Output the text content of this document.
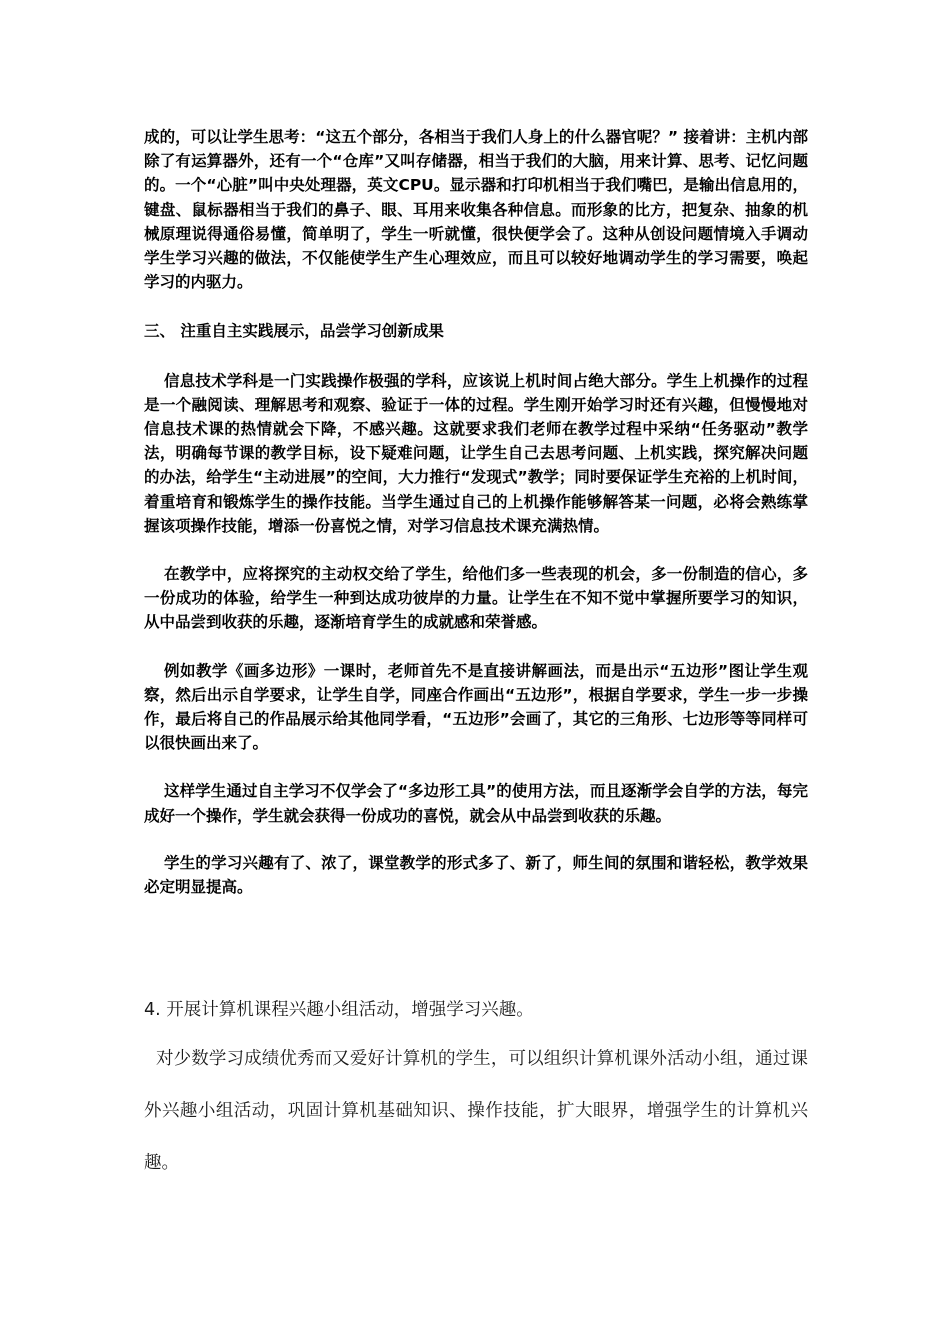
成的，可以让学生思考：“这五个部分，各相当于我们人身上的什么器官呢？” 接着讲：主机内部除了有运算器外，还有一个“仓库”又叫存储器，相当于我们的大脑，用来计算、思考、记忆问题的。一个“心脏”叫中央处理器，英文CPU。显示器和打印机相当于我们嘴巴，是输出信息用的，键盘、鼠标器相当于我们的鼻子、眼、耳用来收集各种信息。而形象的比方，把复杂、抽象的机械原理说得通俗易懂，简单明了，学生一听就懂，很快便学会了。这种从创设问题情境入手调动学生学习兴趣的做法，不仅能使学生产生心理效应，而且可以较好地调动学生的学习需要，唤起学习的内驱力。

三、 注重自主实践展示，品尝学习创新成果

信息技术学科是一门实践操作极强的学科，应该说上机时间占绝大部分。学生上机操作的过程是一个融阅读、理解思考和观察、验证于一体的过程。学生刚开始学习时还有兴趣，但慢慢地对信息技术课的热情就会下降，不感兴趣。这就要求我们老师在教学过程中采纳“任务驱动”教学法，明确每节课的教学目标，设下疑难问题，让学生自己去思考问题、上机实践，探究解决问题的办法，给学生“主动进展”的空间，大力推行“发现式”教学；同时要保证学生充裕的上机时间，着重培育和锻炼学生的操作技能。当学生通过自己的上机操作能够解答某一问题，必将会熟练掌握该项操作技能，增添一份喜悦之情，对学习信息技术课充满热情。

在教学中，应将探究的主动权交给了学生，给他们多一些表现的机会，多一份制造的信心，多一份成功的体验，给学生一种到达成功彼岸的力量。让学生在不知不觉中掌握所要学习的知识，从中品尝到收获的乐趣，逐渐培育学生的成就感和荣誉感。

例如教学《画多边形》一课时，老师首先不是直接讲解画法，而是出示“五边形”图让学生观察，然后出示自学要求，让学生自学，同座合作画出“五边形”，根据自学要求，学生一步一步操作，最后将自己的作品展示给其他同学看，“五边形”会画了，其它的三角形、七边形等等同样可以很快画出来了。

这样学生通过自主学习不仅学会了“多边形工具”的使用方法，而且逐渐学会自学的方法，每完成好一个操作，学生就会获得一份成功的喜悦，就会从中品尝到收获的乐趣。

学生的学习兴趣有了、浓了，课堂教学的形式多了、新了，师生间的氛围和谐轻松，教学效果必定明显提高。

4. 开展计算机课程兴趣小组活动，增强学习兴趣。

对少数学习成绩优秀而又爱好计算机的学生，可以组织计算机课外活动小组，通过课外兴趣小组活动，巩固计算机基础知识、操作技能，扩大眼界，增强学生的计算机兴趣。
